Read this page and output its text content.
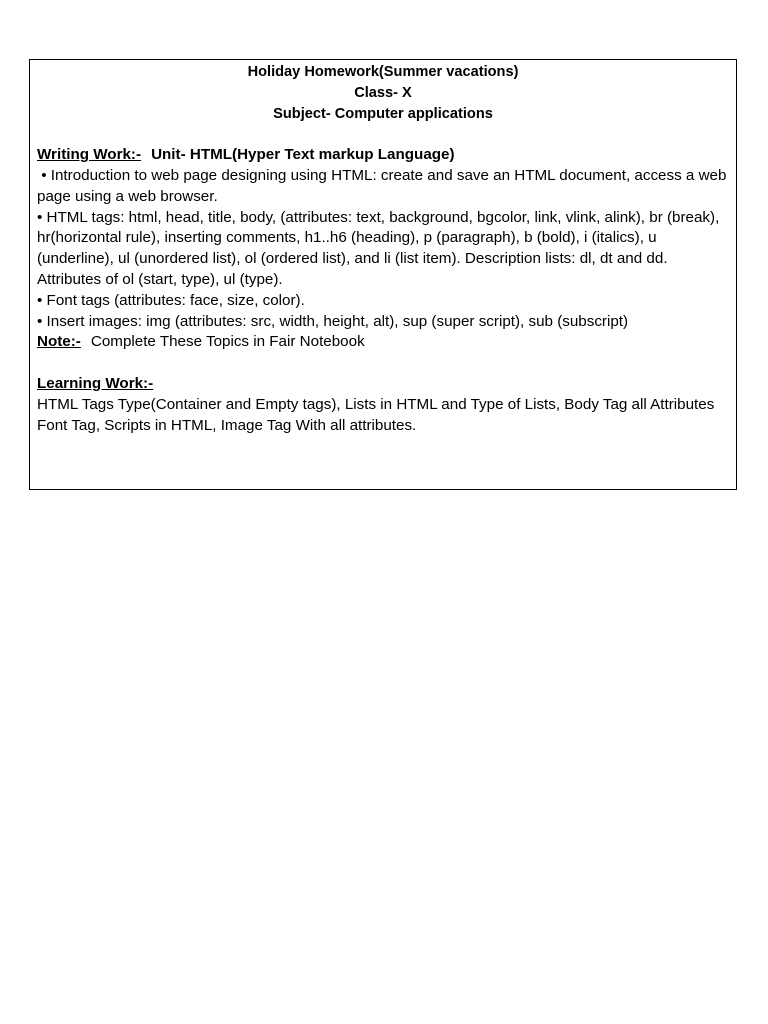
Holiday Homework(Summer vacations)
Class- X
Subject- Computer applications

Writing Work:- Unit- HTML(Hyper Text markup Language)

• Introduction to web page designing using HTML: create and save an HTML document, access a web page using a web browser.

• HTML tags: html, head, title, body, (attributes: text, background, bgcolor, link, vlink, alink), br (break), hr(horizontal rule), inserting comments, h1..h6 (heading), p (paragraph), b (bold), i (italics), u (underline), ul (unordered list), ol (ordered list), and li (list item). Description lists: dl, dt and dd. Attributes of ol (start, type), ul (type).

• Font tags (attributes: face, size, color).

• Insert images: img (attributes: src, width, height, alt), sup (super script), sub (subscript)

Note:- Complete These Topics in Fair Notebook

Learning Work:-

HTML Tags Type(Container and Empty tags), Lists in HTML and Type of Lists, Body Tag all Attributes Font Tag, Scripts in HTML, Image Tag With all attributes.
